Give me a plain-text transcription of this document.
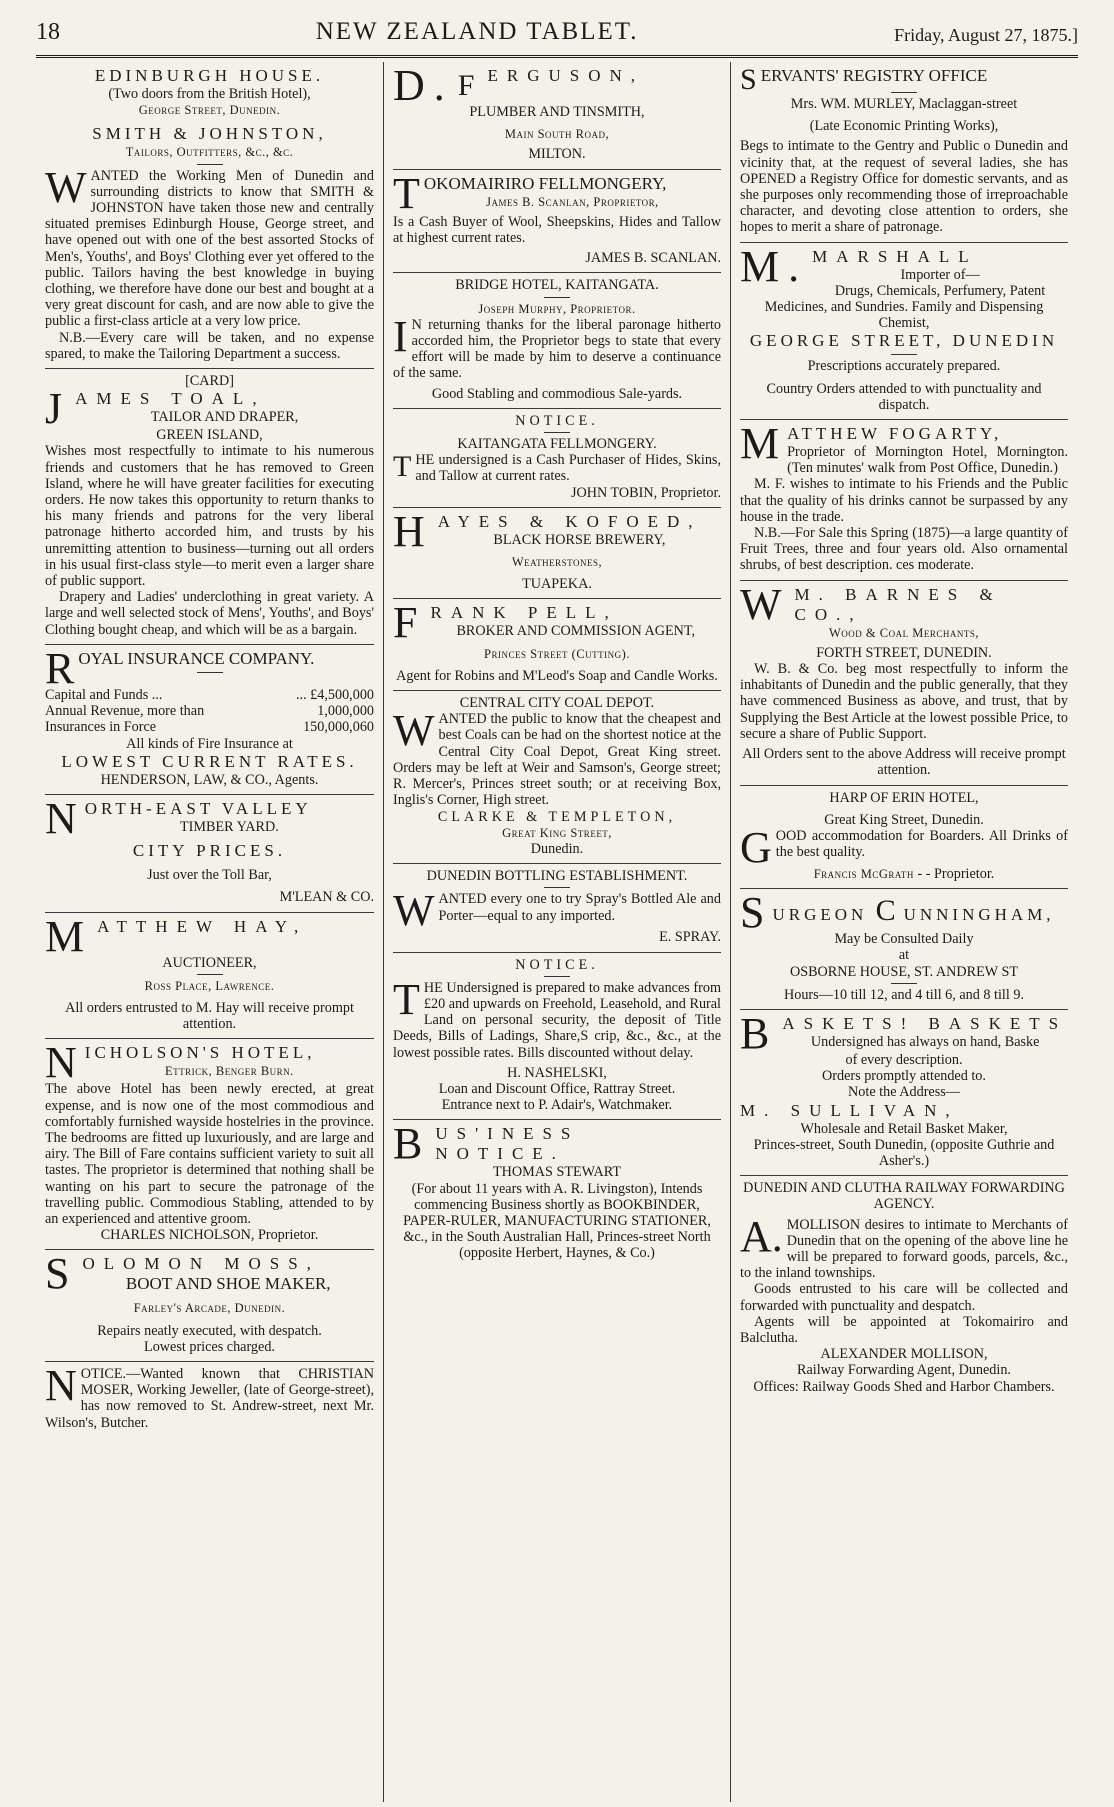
18	NEW ZEALAND TABLET.	Friday, August 27, 1875.]

EDINBURGH HOUSE.

(Two doors from the British Hotel),

George Street, Dunedin.

SMITH & JOHNSTON,

Tailors, Outfitters, &c., &c.

WANTED the Working Men of Dunedin and surrounding districts to know that SMITH & JOHNSTON have taken those new and centrally situated premises Edinburgh House, George street, and have opened out with one of the best assorted Stocks of Men's, Youths', and Boys' Clothing ever yet offered to the public. Tailors having the best knowledge in buying clothing, we therefore have done our best and bought at a very great discount for cash, and are now able to give the public a first-class article at a very low price.

N.B.—Every care will be taken, and no expense spared, to make the Tailoring Department a success.

[CARD]

JAMES TOAL,

TAILOR AND DRAPER,

GREEN ISLAND,

Wishes most respectfully to intimate to his numerous friends and customers that he has removed to Green Island, where he will have greater facilities for executing orders. He now takes this opportunity to return thanks to his many friends and patrons for the very liberal patronage hitherto accorded him, and trusts by his unremitting attention to business—turning out all orders in his usual first-class style—to merit even a larger share of public support.

Drapery and Ladies' underclothing in great variety. A large and well selected stock of Mens', Youths', and Boys' Clothing bought cheap, and which will be as a bargain.

ROYAL INSURANCE COMPANY.

Capital and Funds ...	... £4,500,000
Annual Revenue, more than	1,000,000
Insurances in Force	150,000,060

All kinds of Fire Insurance at

LOWEST CURRENT RATES.

HENDERSON, LAW, & CO., Agents.

NORTH-EAST VALLEY

TIMBER YARD.

CITY PRICES.

Just over the Toll Bar,

M'LEAN & CO.

MATTHEW HAY,

AUCTIONEER,

Ross Place, Lawrence.

All orders entrusted to M. Hay will receive prompt attention.

NICHOLSON'S HOTEL,

Ettrick, Benger Burn.

The above Hotel has been newly erected, at great expense, and is now one of the most commodious and comfortably furnished wayside hostelries in the province. The bedrooms are fitted up luxuriously, and are large and airy. The Bill of Fare contains sufficient variety to suit all tastes. The proprietor is determined that nothing shall be wanting on his part to secure the patronage of the travelling public. Commodious Stabling, attended to by an experienced and attentive groom.

CHARLES NICHOLSON, Proprietor.

SOLOMON MOSS,

BOOT AND SHOE MAKER,

Farley's Arcade, Dunedin.

Repairs neatly executed, with despatch.

Lowest prices charged.

NOTICE.—Wanted known that CHRISTIAN MOSER, Working Jeweller, (late of George-street), has now removed to St. Andrew-street, next Mr. Wilson's, Butcher.

D. F ERGUSON,

PLUMBER AND TINSMITH,

Main South Road,

MILTON.

TOKOMAIRIRO FELLMONGERY,

James B. Scanlan, Proprietor,

Is a Cash Buyer of Wool, Sheepskins, Hides and Tallow at highest current rates.

JAMES B. SCANLAN.

BRIDGE HOTEL, KAITANGATA.

Joseph Murphy, Proprietor.

I N returning thanks for the liberal paronage hitherto accorded him, the Proprietor begs to state that every effort will be made by him to deserve a continuance of the same.

Good Stabling and commodious Sale-yards.

NOTICE.

KAITANGATA FELLMONGERY.

THE undersigned is a Cash Purchaser of Hides, Skins, and Tallow at current rates.

JOHN TOBIN, Proprietor.

HAYES & KOFOED,

BLACK HORSE BREWERY,

Weatherstones,

TUAPEKA.

FRANK PELL,

BROKER AND COMMISSION AGENT,

Princes Street (Cutting).

Agent for Robins and M'Leod's Soap and Candle Works.

CENTRAL CITY COAL DEPOT.

WANTED the public to know that the cheapest and best Coals can be had on the shortest notice at the Central City Coal Depot, Great King street. Orders may be left at Weir and Samson's, George street; R. Mercer's, Princes street south; or at receiving Box, Inglis's Corner, High street.

CLARKE & TEMPLETON,

Great King Street,

Dunedin.

DUNEDIN BOTTLING ESTABLISHMENT.

WANTED every one to try Spray's Bottled Ale and Porter—equal to any imported.

E. SPRAY.

NOTICE.

THE Undersigned is prepared to make advances from £20 and upwards on Freehold, Leasehold, and Rural Land on personal security, the deposit of Title Deeds, Bills of Ladings, Share,S crip, &c., &c., at the lowest possible rates. Bills discounted without delay.

H. NASHELSKI,

Loan and Discount Office, Rattray Street.

Entrance next to P. Adair's, Watchmaker.

BUS'INESS NOTICE.

THOMAS STEWART

(For about 11 years with A. R. Livingston), Intends commencing Business shortly as BOOKBINDER, PAPER-RULER, MANUFACTURING STATIONER, &c., in the South Australian Hall, Princes-street North (opposite Herbert, Haynes, & Co.)

SERVANTS' REGISTRY OFFICE

Mrs. WM. MURLEY, Maclaggan-street

(Late Economic Printing Works),

Begs to intimate to the Gentry and Public o Dunedin and vicinity that, at the request of several ladies, she has OPENED a Registry Office for domestic servants, and as she purposes only recommending those of irreproachable character, and devoting close attention to orders, she hopes to merit a share of patronage.

M. MARSHALL

Importer of—

Drugs, Chemicals, Perfumery, Patent Medicines, and Sundries. Family and Dispensing Chemist,

GEORGE STREET, DUNEDIN

Prescriptions accurately prepared.

Country Orders attended to with punctuality and dispatch.

MATTHEW FOGARTY,

Proprietor of Mornington Hotel, Mornington. (Ten minutes' walk from Post Office, Dunedin.)

M. F. wishes to intimate to his Friends and the Public that the quality of his drinks cannot be surpassed by any house in the trade.

N.B.—For Sale this Spring (1875)—a large quantity of Fruit Trees, three and four years old. Also ornamental shrubs, of best description. ces moderate.

W M. BARNES & CO.,

Wood & Coal Merchants,

FORTH STREET, DUNEDIN.

W. B. & Co. beg most respectfully to inform the inhabitants of Dunedin and the public generally, that they have commenced Business as above, and trust, that by Supplying the Best Article at the lowest possible Price, to secure a share of Public Support.

All Orders sent to the above Address will receive prompt attention.

HARP OF ERIN HOTEL,

Great King Street, Dunedin.

GOOD accommodation for Boarders. All Drinks of the best quality.

Francis McGrath - - Proprietor.

SURGEON C UNNINGHAM,

May be Consulted Daily

at

OSBORNE HOUSE, ST. ANDREW ST

Hours—10 till 12, and 4 till 6, and 8 till 9.

BASKETS! BASKETS

Undersigned has always on hand, Baske

of every description.

Orders promptly attended to.

Note the Address—

M. SULLIVAN,

Wholesale and Retail Basket Maker,

Princes-street, South Dunedin, (opposite Guthrie and Asher's.)

DUNEDIN AND CLUTHA RAILWAY FORWARDING AGENCY.

A. MOLLISON desires to intimate to Merchants of Dunedin that on the opening of the above line he will be prepared to forward goods, parcels, &c., to the inland townships.

Goods entrusted to his care will be collected and forwarded with punctuality and despatch.

Agents will be appointed at Tokomairiro and Balclutha.

ALEXANDER MOLLISON,

Railway Forwarding Agent, Dunedin.

Offices: Railway Goods Shed and Harbor Chambers.
